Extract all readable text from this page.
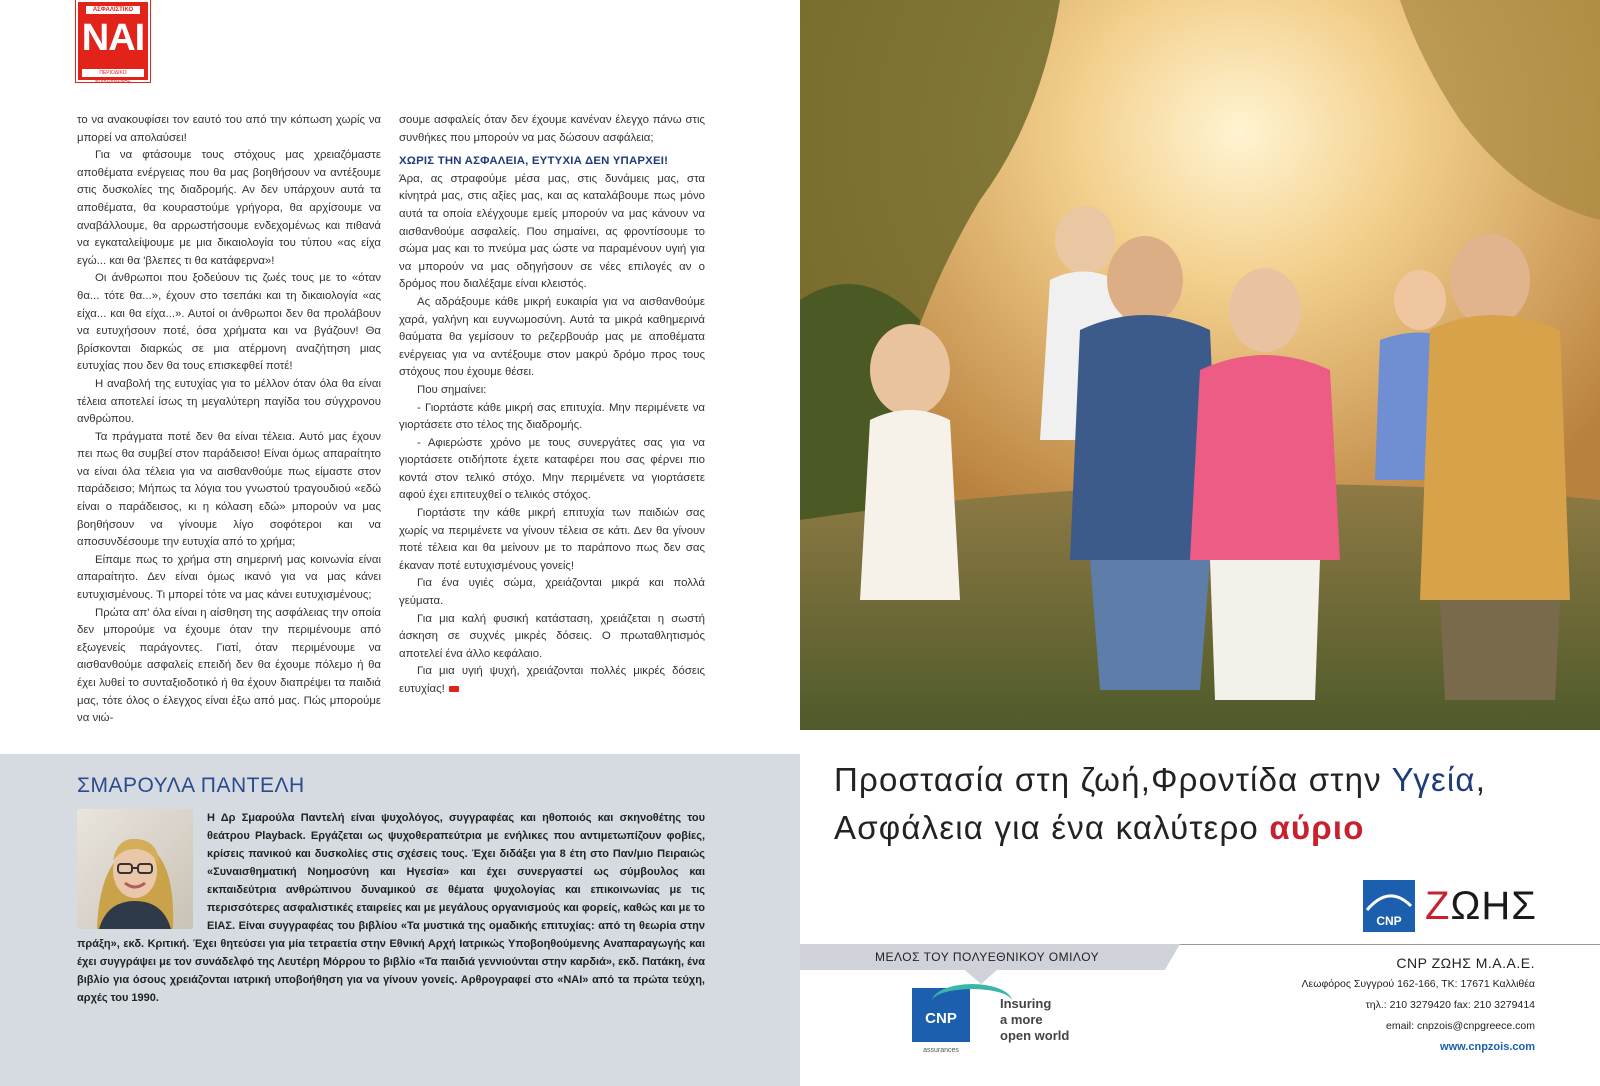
ΑΣΦΑΛΙΣΤΙΚΟ
ΝΑΙ
ΠΕΡΙΟΔΙΚΟ ΕΠΙΚΟΙΝΩΝΙΑΣ

το να ανακουφίσει τον εαυτό του από την κόπωση χωρίς να μπορεί να απολαύσει!

Για να φτάσουμε τους στόχους μας χρειαζόμαστε αποθέματα ενέργειας που θα μας βοηθήσουν να αντέξουμε στις δυσκολίες της διαδρομής. Αν δεν υπάρχουν αυτά τα αποθέματα, θα κουραστούμε γρήγορα, θα αρχίσουμε να αναβάλλουμε, θα αρρωστήσουμε ενδεχομένως και πιθανά να εγκαταλείψουμε με μια δικαιολογία του τύπου «ας είχα εγώ... και θα 'βλεπες τι θα κατάφερνα»!

Οι άνθρωποι που ξοδεύουν τις ζωές τους με το «όταν θα... τότε θα...», έχουν στο τσεπάκι και τη δικαιολογία «ας είχα... και θα είχα...». Αυτοί οι άνθρωποι δεν θα προλάβουν να ευτυχήσουν ποτέ, όσα χρήματα και να βγάζουν! Θα βρίσκονται διαρκώς σε μια ατέρμονη αναζήτηση μιας ευτυχίας που δεν θα τους επισκεφθεί ποτέ!

Η αναβολή της ευτυχίας για το μέλλον όταν όλα θα είναι τέλεια αποτελεί ίσως τη μεγαλύτερη παγίδα του σύγχρονου ανθρώπου.

Τα πράγματα ποτέ δεν θα είναι τέλεια. Αυτό μας έχουν πει πως θα συμβεί στον παράδεισο! Είναι όμως απαραίτητο να είναι όλα τέλεια για να αισθανθούμε πως είμαστε στον παράδεισο; Μήπως τα λόγια του γνωστού τραγουδιού «εδώ είναι ο παράδεισος, κι η κόλαση εδώ» μπορούν να μας βοηθήσουν να γίνουμε λίγο σοφότεροι και να αποσυνδέσουμε την ευτυχία από το χρήμα;

Είπαμε πως το χρήμα στη σημερινή μας κοινωνία είναι απαραίτητο. Δεν είναι όμως ικανό για να μας κάνει ευτυχισμένους. Τι μπορεί τότε να μας κάνει ευτυχισμένους;

Πρώτα απ' όλα είναι η αίσθηση της ασφάλειας την οποία δεν μπορούμε να έχουμε όταν την περιμένουμε από εξωγενείς παράγοντες. Γιατί, όταν περιμένουμε να αισθανθούμε ασφαλείς επειδή δεν θα έχουμε πόλεμο ή θα έχει λυθεί το συνταξιοδοτικό ή θα έχουν διαπρέψει τα παιδιά μας, τότε όλος ο έλεγχος είναι έξω από μας. Πώς μπορούμε να νιώ-

σουμε ασφαλείς όταν δεν έχουμε κανέναν έλεγχο πάνω στις συνθήκες που μπορούν να μας δώσουν ασφάλεια;

ΧΩΡΙΣ ΤΗΝ ΑΣΦΑΛΕΙΑ, ΕΥΤΥΧΙΑ ΔΕΝ ΥΠΑΡΧΕΙ!

Άρα, ας στραφούμε μέσα μας, στις δυνάμεις μας, στα κίνητρά μας, στις αξίες μας, και ας καταλάβουμε πως μόνο αυτά τα οποία ελέγχουμε εμείς μπορούν να μας κάνουν να αισθανθούμε ασφαλείς. Που σημαίνει, ας φροντίσουμε το σώμα μας και το πνεύμα μας ώστε να παραμένουν υγιή για να μπορούν να μας οδηγήσουν σε νέες επιλογές αν ο δρόμος που διαλέξαμε είναι κλειστός.

Ας αδράξουμε κάθε μικρή ευκαιρία για να αισθανθούμε χαρά, γαλήνη και ευγνωμοσύνη. Αυτά τα μικρά καθημερινά θαύματα θα γεμίσουν το ρεζερβουάρ μας με αποθέματα ενέργειας για να αντέξουμε στον μακρύ δρόμο προς τους στόχους που έχουμε θέσει.

Που σημαίνει:

- Γιορτάστε κάθε μικρή σας επιτυχία. Μην περιμένετε να γιορτάσετε στο τέλος της διαδρομής.

- Αφιερώστε χρόνο με τους συνεργάτες σας για να γιορτάσετε οτιδήποτε έχετε καταφέρει που σας φέρνει πιο κοντά στον τελικό στόχο. Μην περιμένετε να γιορτάσετε αφού έχει επιτευχθεί ο τελικός στόχος.

Γιορτάστε την κάθε μικρή επιτυχία των παιδιών σας χωρίς να περιμένετε να γίνουν τέλεια σε κάτι. Δεν θα γίνουν ποτέ τέλεια και θα μείνουν με το παράπονο πως δεν σας έκαναν ποτέ ευτυχισμένους γονείς!

Για ένα υγιές σώμα, χρειάζονται μικρά και πολλά γεύματα.

Για μια καλή φυσική κατάσταση, χρειάζεται η σωστή άσκηση σε συχνές μικρές δόσεις. Ο πρωταθλητισμός αποτελεί ένα άλλο κεφάλαιο.

Για μια υγιή ψυχή, χρειάζονται πολλές μικρές δόσεις ευτυχίας!

ΣΜΑΡΟΥΛΑ ΠΑΝΤΕΛΗ
Η Δρ Σμαρούλα Παντελή είναι ψυχολόγος, συγγραφέας και ηθοποιός και σκηνοθέτης του θεάτρου Playback. Εργάζεται ως ψυχοθεραπεύτρια με ενήλικες που αντιμετωπίζουν φοβίες, κρίσεις πανικού και δυσκολίες στις σχέσεις τους. Έχει διδάξει για 8 έτη στο Παν/μιο Πειραιώς «Συναισθηματική Νοημοσύνη και Ηγεσία» και έχει συνεργαστεί ως σύμβουλος και εκπαιδεύτρια ανθρώπινου δυναμικού σε θέματα ψυχολογίας και επικοινωνίας με τις περισσότερες ασφαλιστικές εταιρείες και με μεγάλους οργανισμούς και φορείς, καθώς και με το ΕΙΑΣ. Είναι συγγραφέας του βιβλίου «Τα μυστικά της ομαδικής επιτυχίας: από τη θεωρία στην πράξη», εκδ. Κριτική. Έχει θητεύσει για μία τετραετία στην Εθνική Αρχή Ιατρικώς Υποβοηθούμενης Αναπαραγωγής και έχει συγγράψει με τον συνάδελφό της Λευτέρη Μόρρου το βιβλίο «Τα παιδιά γεννιούνται στην καρδιά», εκδ. Πατάκη, ένα βιβλίο για όσους χρειάζονται ιατρική υποβοήθηση για να γίνουν γονείς. Αρθρογραφεί στο «ΝΑΙ» από τα πρώτα τεύχη, αρχές του 1990.
Προστασία στη ζωή,Φροντίδα στην Υγεία,
Ασφάλεια για ένα καλύτερο αύριο
CNP ΖΩΗΣ
ΜΕΛΟΣ ΤΟΥ ΠΟΛΥΕΘΝΙΚΟΥ ΟΜΙΛΟΥ
CNP
assurances
Insuring
a more
open world
CNP ΖΩΗΣ Μ.Α.Α.Ε.
Λεωφόρος Συγγρού 162-166, ΤΚ: 17671 Καλλιθέα
τηλ.: 210 3279420 fax: 210 3279414
email: cnpzois@cnpgreece.com
www.cnpzois.com
